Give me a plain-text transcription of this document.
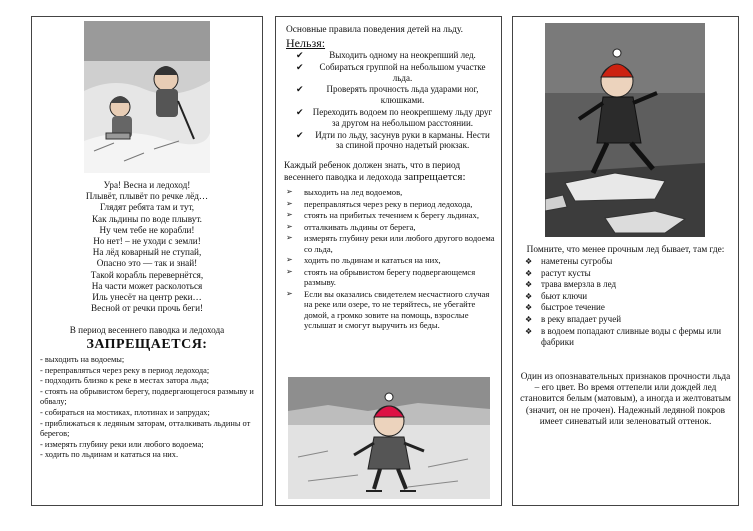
Ура! Весна и ледоход!
Плывёт, плывёт по речке лёд…
Глядят ребята там и тут,
Как льдины по воде плывут.
Ну чем тебе не корабли!
Но нет! – не уходи с земли!
На лёд коварный не ступай,
Опасно это — так и знай!
Такой корабль перевернётся,
На части может расколоться
Иль унесёт на центр реки…
Весной от речки прочь беги!
В период весеннего паводка и ледохода
ЗАПРЕЩАЕТСЯ:
- выходить на водоемы;
- переправляться через реку в период ледохода;
- подходить близко к реке в местах затора льда;
- стоять на обрывистом берегу, подвергающегося размыву и обвалу;
- собираться на мостиках, плотинах и запрудах;
- приближаться к ледяным заторам, отталкивать льдины от берегов;
- измерять глубину реки или любого водоема;
- ходить по льдинам и кататься на них.
Основные правила поведения детей на льду.
Нельзя:
✔	Выходить одному на неокрепший лед.
✔	Собираться группой на небольшом участке льда.
✔	Проверять прочность льда ударами ног, клюшками.
✔ Переходить водоем по неокрепшему льду друг за другом на небольшом расстоянии.
✔	Идти по льду, засунув руки в карманы. Нести за спиной прочно надетый рюкзак.
Каждый ребенок должен знать, что в период весеннего паводка и ледохода запрещается:
➢ выходить на лед водоемов,
➢ переправляться через реку в период ледохода,
➢ стоять на прибитых течением к берегу льдинах,
➢ отталкивать льдины от берега,
➢ измерять глубину реки или любого другого водоема со льда,
➢ ходить по льдинам и кататься на них,
➢ стоять на обрывистом берегу подвергающемся размыву.
➢ Если вы оказались свидетелем несчастного случая на реке или озере, то не теряйтесь, не убегайте домой, а громко зовите на помощь, взрослые услышат и смогут выручить из беды.
Помните, что менее прочным лед бывает, там где:
❖ наметены сугробы
❖ растут кусты
❖ трава вмерзла в лед
❖ бьют ключи
❖ быстрое течение
❖ в реку впадает ручей
❖ в водоем попадают сливные воды с фермы или фабрики
Один из опознавательных признаков прочности льда – его цвет. Во время оттепели или дождей лед становится белым (матовым), а иногда и желтоватым (значит, он не прочен). Надежный ледяной покров имеет синеватый или зеленоватый оттенок.
